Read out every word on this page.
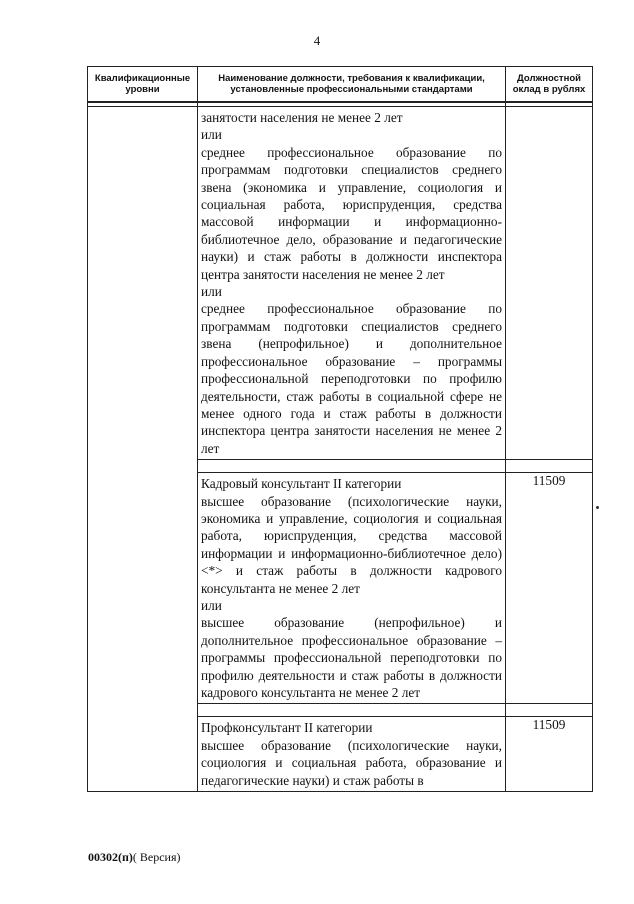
4
Квалификационные уровни	Наименование должности, требования к квалификации, установленные профессиональными стандартами	Должностной оклад в рублях

	занятости населения не менее 2 лет

или

среднее профессиональное образование по программам подготовки специалистов среднего звена (экономика и управление, социология и социальная работа, юриспруденция, средства массовой информации и информационно-библиотечное дело, образование и педагогические науки) и стаж работы в должности инспектора центра занятости населения не менее 2 лет

или

среднее профессиональное образование по программам подготовки специалистов среднего звена (непрофильное) и дополнительное профессиональное образование – программы профессиональной переподготовки по профилю деятельности, стаж работы в социальной сфере не менее одного года и стаж работы в должности инспектора центра занятости населения не менее 2 лет	

	Кадровый консультант II категории

высшее образование (психологические науки, экономика и управление, социология и социальная работа, юриспруденция, средства массовой информации и информационно-библиотечное дело) <*> и стаж работы в должности кадрового консультанта не менее 2 лет

или

высшее образование (непрофильное) и дополнительное профессиональное образование – программы профессиональной переподготовки по профилю деятельности и стаж работы в должности кадрового консультанта не менее 2 лет	11509

	Профконсультант II категории

высшее образование (психологические науки, социология и социальная работа, образование и педагогические науки) и стаж работы в	11509
00302(п)( Версия)
